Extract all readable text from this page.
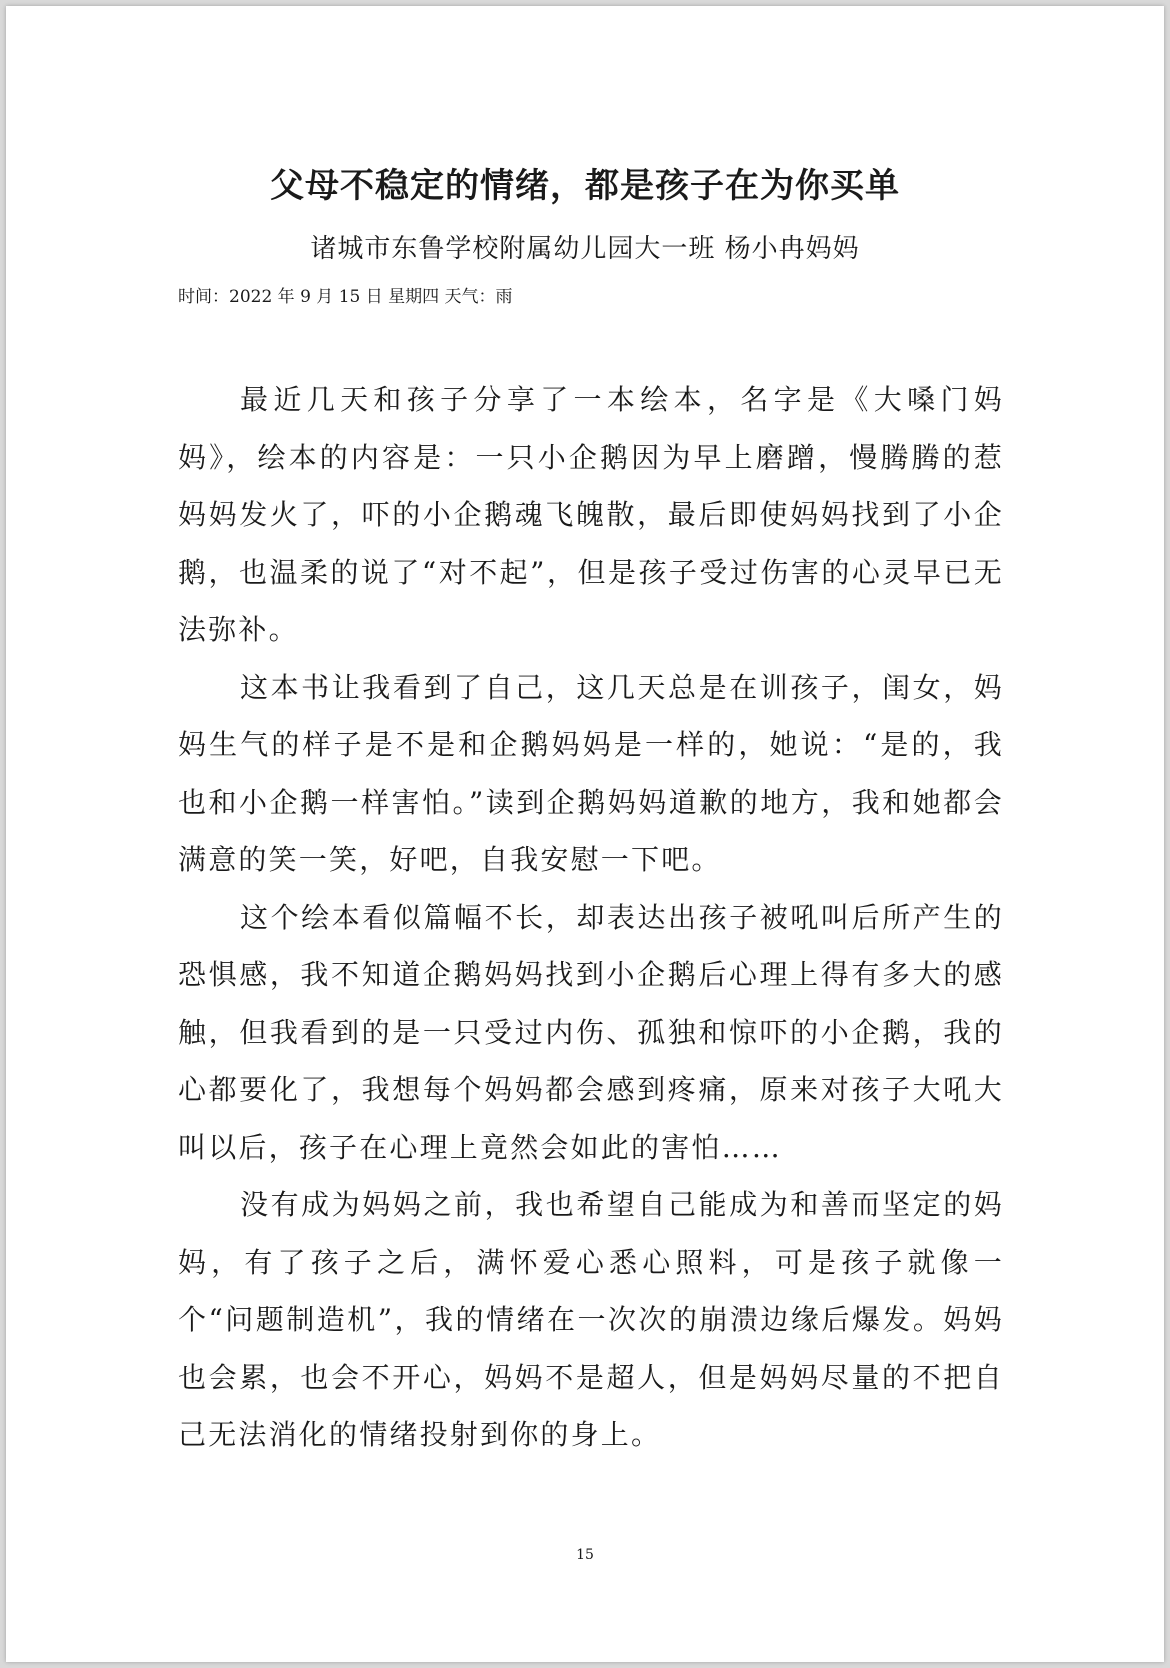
父母不稳定的情绪，都是孩子在为你买单

诸城市东鲁学校附属幼儿园大一班 杨小冉妈妈

时间：2022 年 9 月 15 日 星期四 天气：雨

最近几天和孩子分享了一本绘本，名字是《大嗓门妈妈》，绘本的内容是：一只小企鹅因为早上磨蹭，慢腾腾的惹妈妈发火了，吓的小企鹅魂飞魄散，最后即使妈妈找到了小企鹅，也温柔的说了“对不起”，但是孩子受过伤害的心灵早已无法弥补。

这本书让我看到了自己，这几天总是在训孩子，闺女，妈妈生气的样子是不是和企鹅妈妈是一样的，她说：“是的，我也和小企鹅一样害怕。”读到企鹅妈妈道歉的地方，我和她都会满意的笑一笑，好吧，自我安慰一下吧。

这个绘本看似篇幅不长，却表达出孩子被吼叫后所产生的恐惧感，我不知道企鹅妈妈找到小企鹅后心理上得有多大的感触，但我看到的是一只受过内伤、孤独和惊吓的小企鹅，我的心都要化了，我想每个妈妈都会感到疼痛，原来对孩子大吼大叫以后，孩子在心理上竟然会如此的害怕……

没有成为妈妈之前，我也希望自己能成为和善而坚定的妈妈，有了孩子之后，满怀爱心悉心照料，可是孩子就像一个“问题制造机”，我的情绪在一次次的崩溃边缘后爆发。妈妈也会累，也会不开心，妈妈不是超人，但是妈妈尽量的不把自己无法消化的情绪投射到你的身上。

15
